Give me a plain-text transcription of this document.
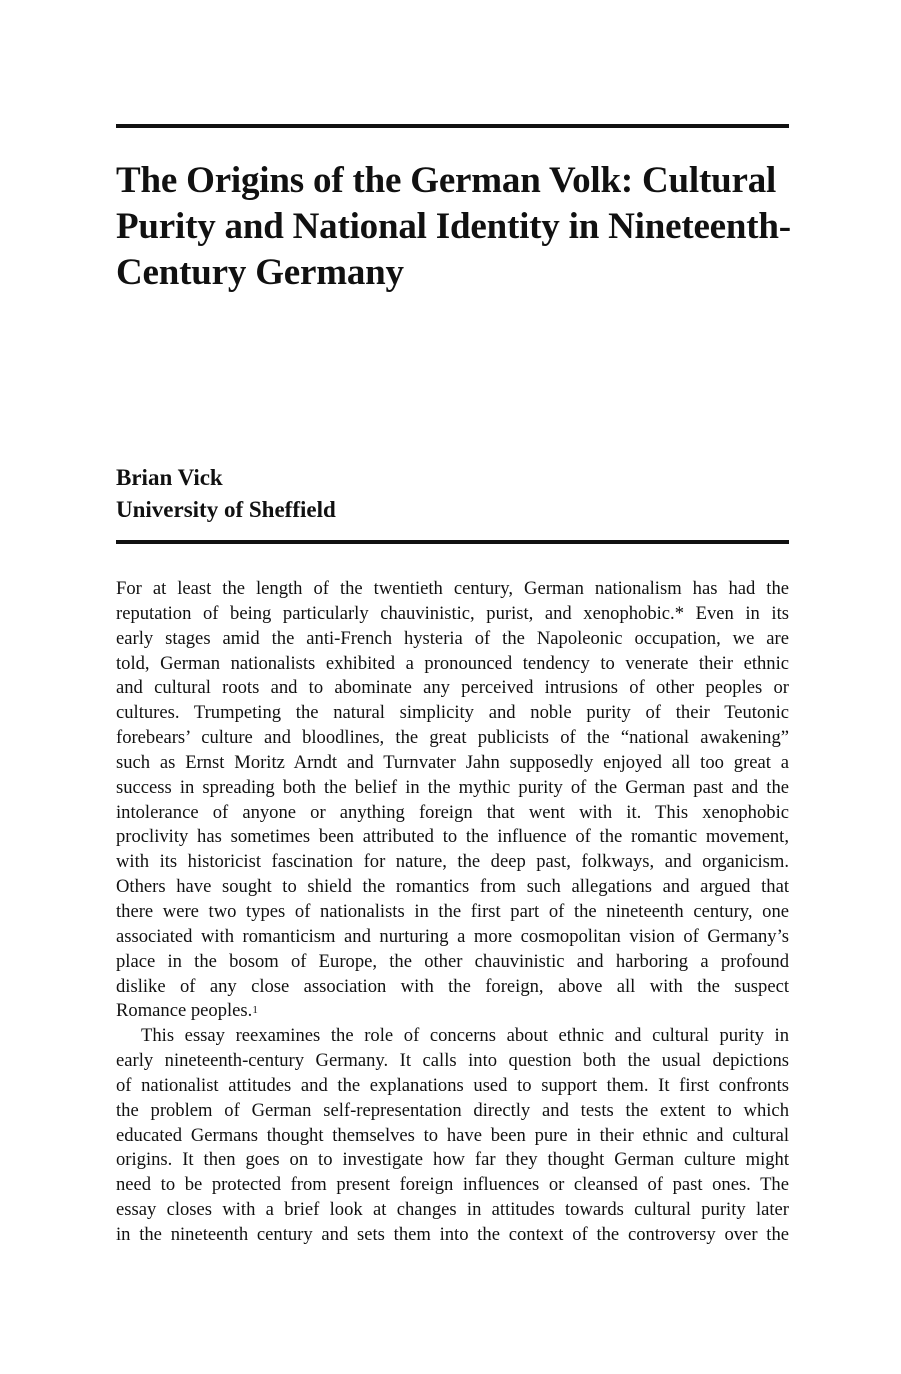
The Origins of the German Volk: Cultural
Purity and National Identity in Nineteenth-
Century Germany
Brian Vick
University of Sheffield
For at least the length of the twentieth century, German nationalism has had the
reputation of being particularly chauvinistic, purist, and xenophobic.* Even in its
early stages amid the anti-French hysteria of the Napoleonic occupation, we are
told, German nationalists exhibited a pronounced tendency to venerate their ethnic
and cultural roots and to abominate any perceived intrusions of other peoples or
cultures. Trumpeting the natural simplicity and noble purity of their Teutonic
forebears’ culture and bloodlines, the great publicists of the “national awakening”
such as Ernst Moritz Arndt and Turnvater Jahn supposedly enjoyed all too great a
success in spreading both the belief in the mythic purity of the German past and the
intolerance of anyone or anything foreign that went with it. This xenophobic
proclivity has sometimes been attributed to the influence of the romantic movement,
with its historicist fascination for nature, the deep past, folkways, and organicism.
Others have sought to shield the romantics from such allegations and argued that
there were two types of nationalists in the first part of the nineteenth century, one
associated with romanticism and nurturing a more cosmopolitan vision of Germany’s
place in the bosom of Europe, the other chauvinistic and harboring a profound
dislike of any close association with the foreign, above all with the suspect
Romance peoples.$^1$
This essay reexamines the role of concerns about ethnic and cultural purity in
early nineteenth-century Germany. It calls into question both the usual depictions
of nationalist attitudes and the explanations used to support them. It first confronts
the problem of German self-representation directly and tests the extent to which
educated Germans thought themselves to have been pure in their ethnic and cultural
origins. It then goes on to investigate how far they thought German culture might
need to be protected from present foreign influences or cleansed of past ones. The
essay closes with a brief look at changes in attitudes towards cultural purity later
in the nineteenth century and sets them into the context of the controversy over the
